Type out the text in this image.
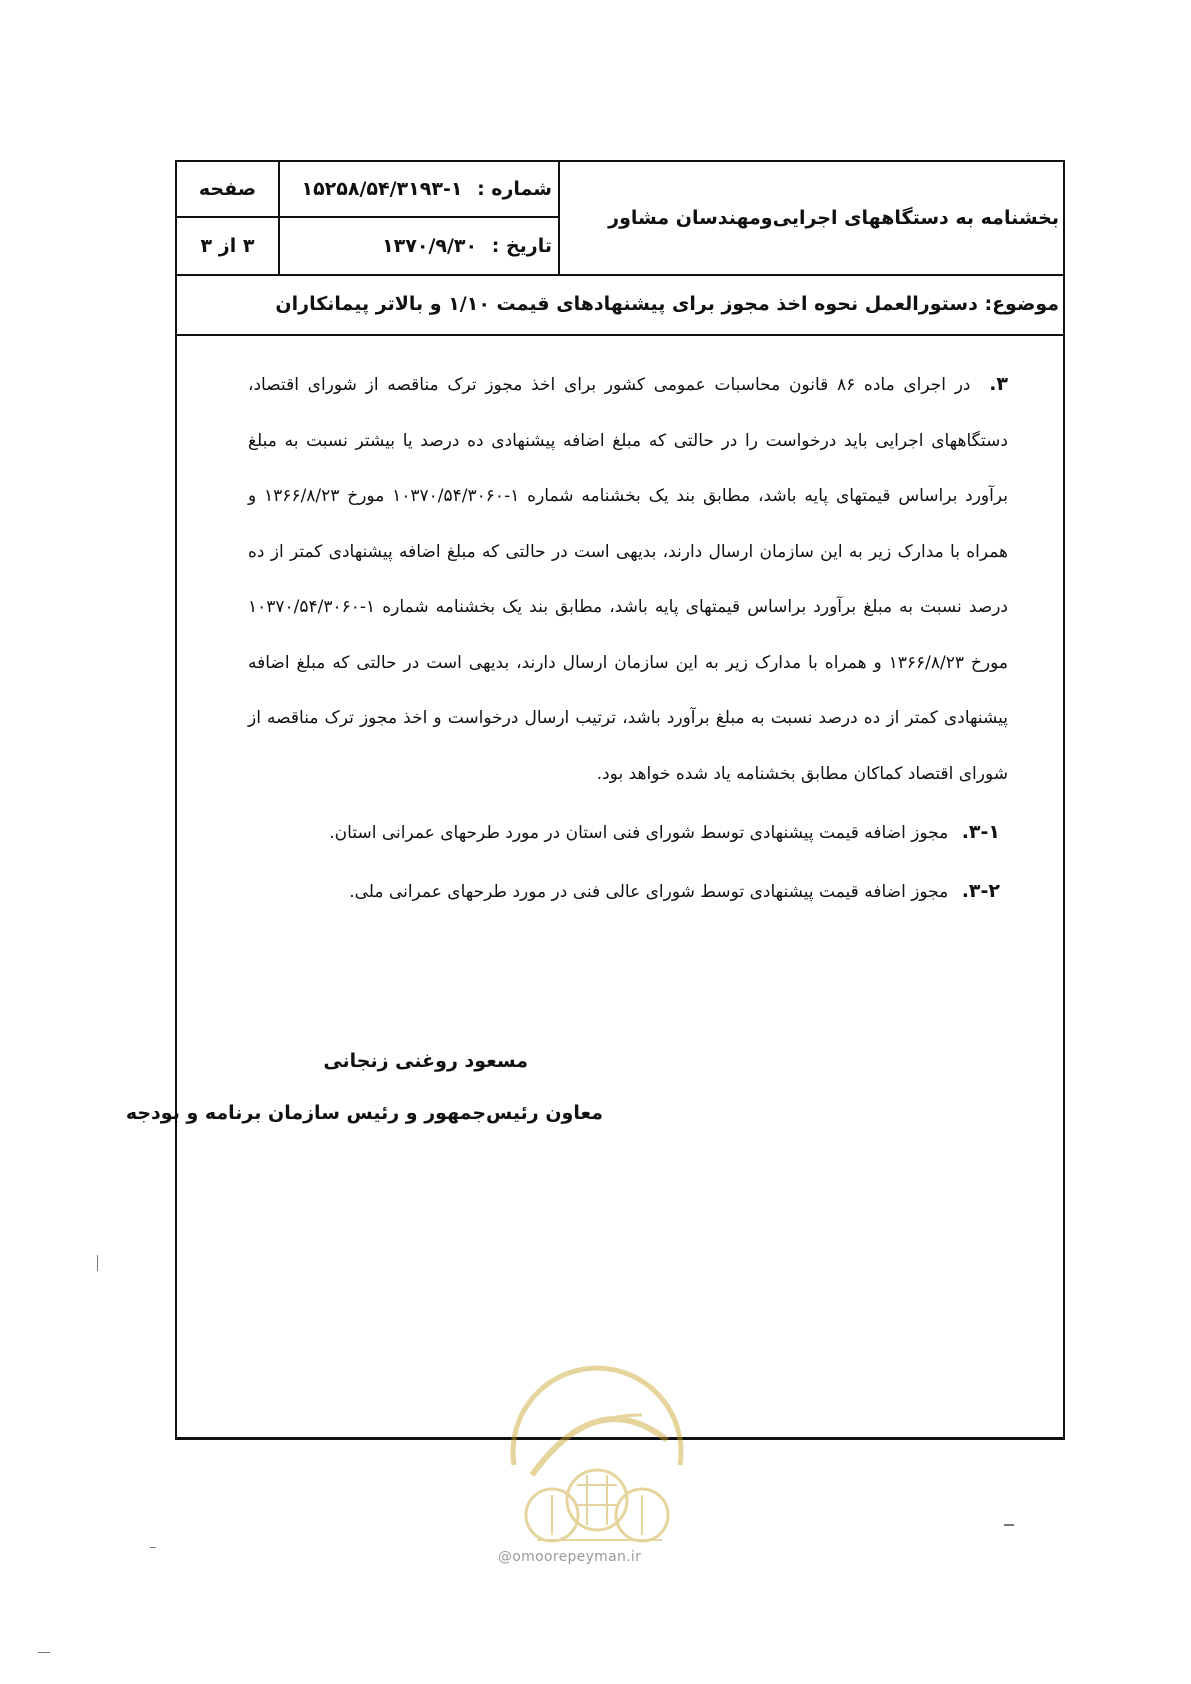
بخشنامه به دستگاههای اجرایی‌ومهندسان مشاور
شماره : ۱-۱۵۲۵۸/۵۴/۳۱۹۳
تاریخ : ۱۳۷۰/۹/۳۰
صفحه
۳ از ۳
موضوع: دستورالعمل نحوه اخذ مجوز برای پیشنهادهای قیمت ۱/۱۰ و بالاتر پیمانکاران
۳. در اجرای ماده ۸۶ قانون محاسبات عمومی کشور برای اخذ مجوز ترک مناقصه از شورای اقتصاد، دستگاههای اجرایی باید درخواست را در حالتی که مبلغ اضافه پیشنهادی ده درصد یا بیشتر نسبت به مبلغ برآورد براساس قیمتهای پایه باشد، مطابق بند یک بخشنامه شماره ۱-۱۰۳۷۰/۵۴/۳۰۶۰ مورخ ۱۳۶۶/۸/۲۳ و همراه با مدارک زیر به این سازمان ارسال دارند، بدیهی است در حالتی که مبلغ اضافه پیشنهادی کمتر از ده درصد نسبت به مبلغ برآورد براساس قیمتهای پایه باشد، مطابق بند یک بخشنامه شماره ۱-۱۰۳۷۰/۵۴/۳۰۶۰ مورخ ۱۳۶۶/۸/۲۳ و همراه با مدارک زیر به این سازمان ارسال دارند، بدیهی است در حالتی که مبلغ اضافه پیشنهادی کمتر از ده درصد نسبت به مبلغ برآورد باشد، ترتیب ارسال درخواست و اخذ مجوز ترک مناقصه از شورای اقتصاد کماکان مطابق بخشنامه یاد شده خواهد بود.
۳-۱. مجوز اضافه قیمت پیشنهادی توسط شورای فنی استان در مورد طرحهای عمرانی استان.
۳-۲. مجوز اضافه قیمت پیشنهادی توسط شورای عالی فنی در مورد طرحهای عمرانی ملی.
مسعود روغنی زنجانی
معاون رئیس‌جمهور و رئیس سازمان برنامه و بودجه
@omoorepeyman.ir
